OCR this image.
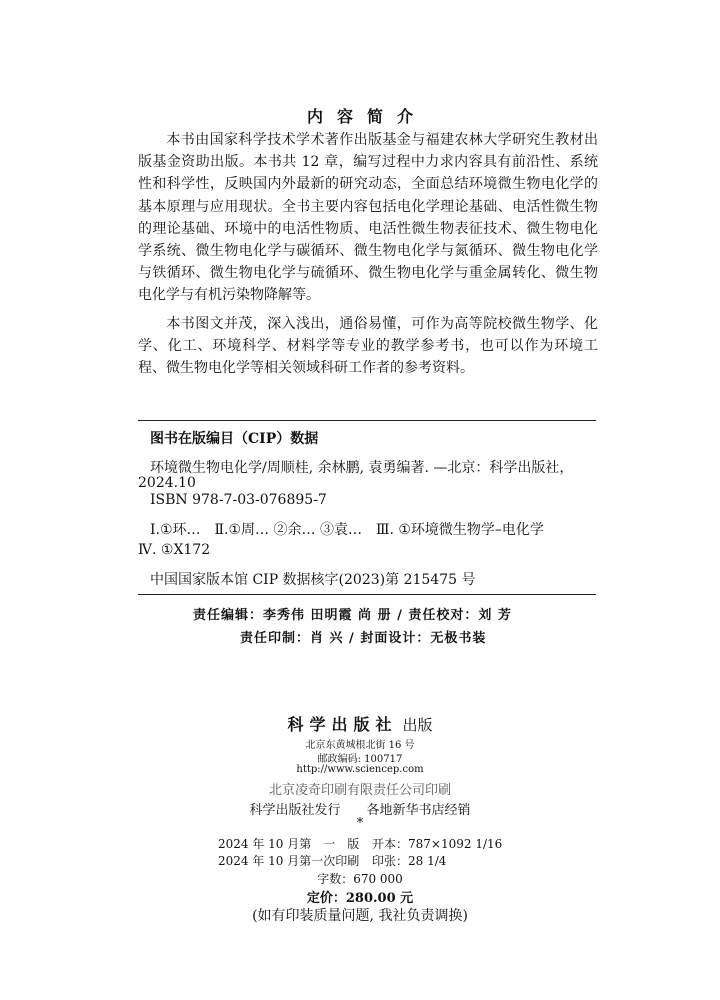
内容简介

本书由国家科学技术学术著作出版基金与福建农林大学研究生教材出版基金资助出版。本书共 12 章，编写过程中力求内容具有前沿性、系统性和科学性，反映国内外最新的研究动态，全面总结环境微生物电化学的基本原理与应用现状。全书主要内容包括电化学理论基础、电活性微生物的理论基础、环境中的电活性物质、电活性微生物表征技术、微生物电化学系统、微生物电化学与碳循环、微生物电化学与氮循环、微生物电化学与铁循环、微生物电化学与硫循环、微生物电化学与重金属转化、微生物电化学与有机污染物降解等。

本书图文并茂，深入浅出，通俗易懂，可作为高等院校微生物学、化学、化工、环境科学、材料学等专业的教学参考书，也可以作为环境工程、微生物电化学等相关领域科研工作者的参考资料。

图书在版编目（CIP）数据
环境微生物电化学/周顺桂, 余林鹏, 袁勇编著. —北京：科学出版社，
2024.10
ISBN 978-7-03-076895-7
Ⅰ.①环…　Ⅱ.①周… ②余… ③袁…　Ⅲ. ①环境微生物学–电化学
Ⅳ. ①X172
中国国家版本馆 CIP 数据核字(2023)第 215475 号
责任编辑：李秀伟 田明霞 尚 册 / 责任校对：刘 芳
责任印制：肖 兴 / 封面设计：无极书装
科学出版社 出版
北京东黄城根北街 16 号
邮政编码: 100717
http://www.sciencep.com
北京凌奇印刷有限责任公司印刷
科学出版社发行　　各地新华书店经销
*
2024 年 10 月第　一　版 开本：787×1092 1/16
2024 年 10 月第一次印刷 印张：28 1/4
字数：670 000
定价：280.00 元
(如有印装质量问题, 我社负责调换)
